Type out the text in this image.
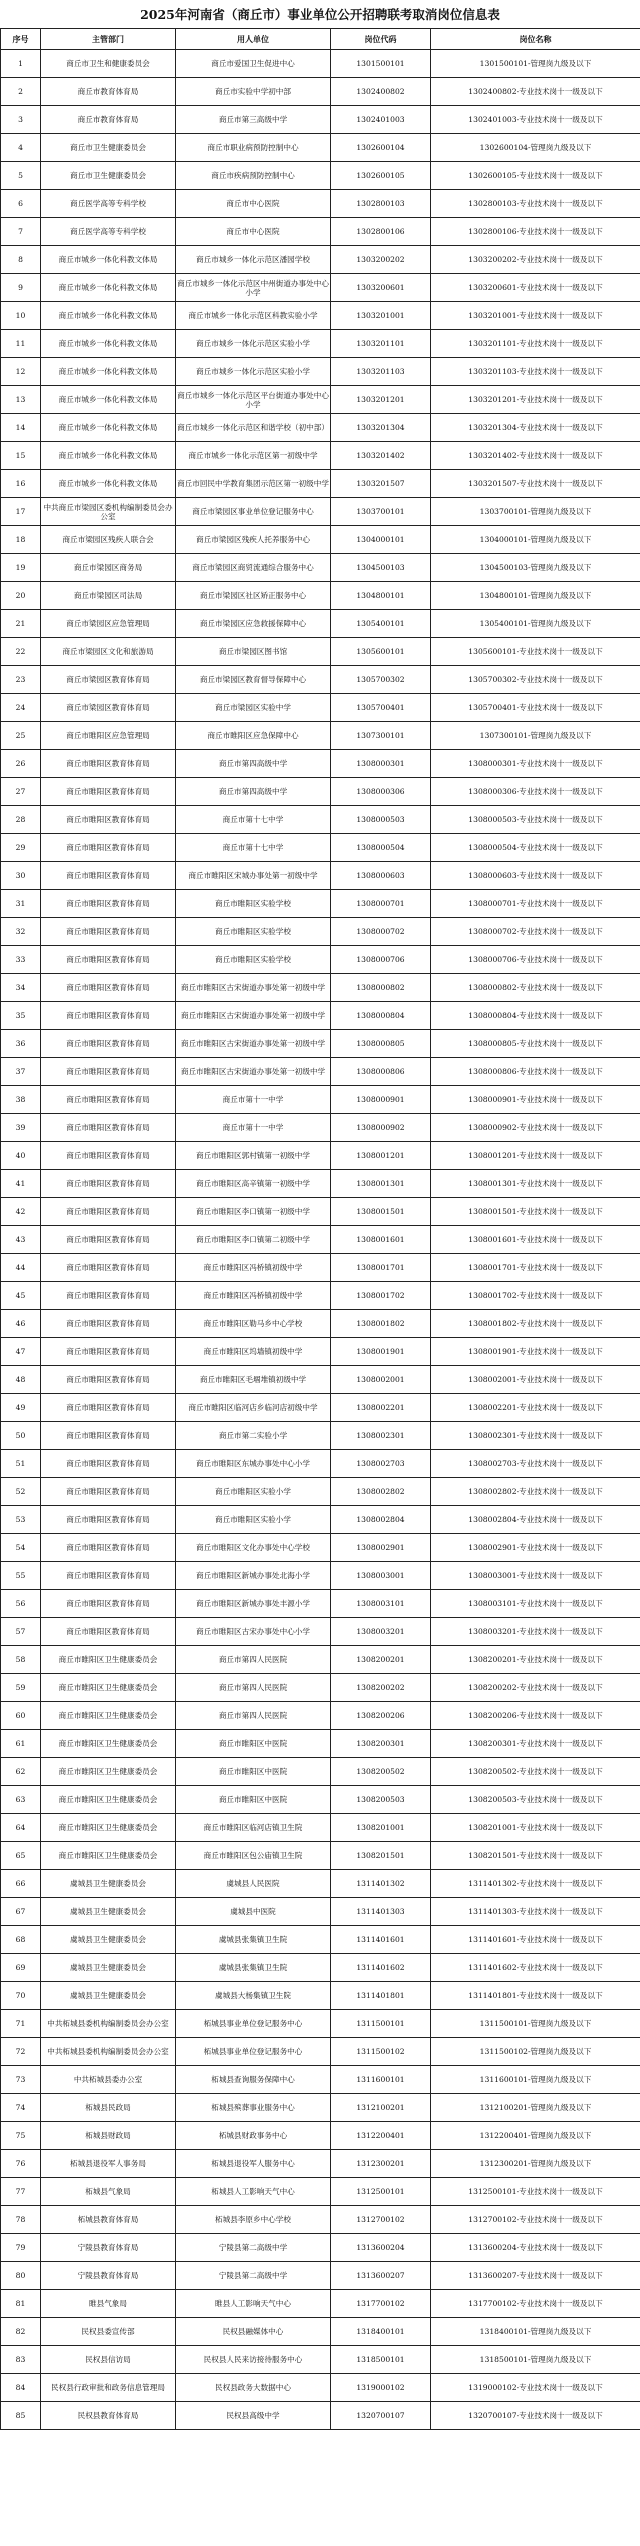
2025年河南省（商丘市）事业单位公开招聘联考取消岗位信息表
序号	主管部门	用人单位	岗位代码	岗位名称
1	商丘市卫生和健康委员会	商丘市爱国卫生促进中心	1301500101	1301500101-管理岗九级及以下
2	商丘市教育体育局	商丘市实验中学初中部	1302400802	1302400802-专业技术岗十一级及以下
3	商丘市教育体育局	商丘市第三高级中学	1302401003	1302401003-专业技术岗十一级及以下
4	商丘市卫生健康委员会	商丘市职业病预防控制中心	1302600104	1302600104-管理岗九级及以下
5	商丘市卫生健康委员会	商丘市疾病预防控制中心	1302600105	1302600105-专业技术岗十一级及以下
6	商丘医学高等专科学校	商丘市中心医院	1302800103	1302800103-专业技术岗十一级及以下
7	商丘医学高等专科学校	商丘市中心医院	1302800106	1302800106-专业技术岗十一级及以下
8	商丘市城乡一体化科教文体局	商丘市城乡一体化示范区潘园学校	1303200202	1303200202-专业技术岗十一级及以下
9	商丘市城乡一体化科教文体局	商丘市城乡一体化示范区中州街道办事处中心小学	1303200601	1303200601-专业技术岗十一级及以下
10	商丘市城乡一体化科教文体局	商丘市城乡一体化示范区科教实验小学	1303201001	1303201001-专业技术岗十一级及以下
11	商丘市城乡一体化科教文体局	商丘市城乡一体化示范区实验小学	1303201101	1303201101-专业技术岗十一级及以下
12	商丘市城乡一体化科教文体局	商丘市城乡一体化示范区实验小学	1303201103	1303201103-专业技术岗十一级及以下
13	商丘市城乡一体化科教文体局	商丘市城乡一体化示范区平台街道办事处中心小学	1303201201	1303201201-专业技术岗十一级及以下
14	商丘市城乡一体化科教文体局	商丘市城乡一体化示范区和谐学校（初中部）	1303201304	1303201304-专业技术岗十一级及以下
15	商丘市城乡一体化科教文体局	商丘市城乡一体化示范区第一初级中学	1303201402	1303201402-专业技术岗十一级及以下
16	商丘市城乡一体化科教文体局	商丘市回民中学教育集团示范区第一初级中学	1303201507	1303201507-专业技术岗十一级及以下
17	中共商丘市梁园区委机构编制委员会办公室	商丘市梁园区事业单位登记服务中心	1303700101	1303700101-管理岗九级及以下
18	商丘市梁园区残疾人联合会	商丘市梁园区残疾人托养服务中心	1304000101	1304000101-管理岗九级及以下
19	商丘市梁园区商务局	商丘市梁园区商贸流通综合服务中心	1304500103	1304500103-管理岗九级及以下
20	商丘市梁园区司法局	商丘市梁园区社区矫正服务中心	1304800101	1304800101-管理岗九级及以下
21	商丘市梁园区应急管理局	商丘市梁园区应急救援保障中心	1305400101	1305400101-管理岗九级及以下
22	商丘市梁园区文化和旅游局	商丘市梁园区图书馆	1305600101	1305600101-专业技术岗十一级及以下
23	商丘市梁园区教育体育局	商丘市梁园区教育督导保障中心	1305700302	1305700302-专业技术岗十一级及以下
24	商丘市梁园区教育体育局	商丘市梁园区实验中学	1305700401	1305700401-专业技术岗十一级及以下
25	商丘市睢阳区应急管理局	商丘市睢阳区应急保障中心	1307300101	1307300101-管理岗九级及以下
26	商丘市睢阳区教育体育局	商丘市第四高级中学	1308000301	1308000301-专业技术岗十一级及以下
27	商丘市睢阳区教育体育局	商丘市第四高级中学	1308000306	1308000306-专业技术岗十一级及以下
28	商丘市睢阳区教育体育局	商丘市第十七中学	1308000503	1308000503-专业技术岗十一级及以下
29	商丘市睢阳区教育体育局	商丘市第十七中学	1308000504	1308000504-专业技术岗十一级及以下
30	商丘市睢阳区教育体育局	商丘市睢阳区宋城办事处第一初级中学	1308000603	1308000603-专业技术岗十一级及以下
31	商丘市睢阳区教育体育局	商丘市睢阳区实验学校	1308000701	1308000701-专业技术岗十一级及以下
32	商丘市睢阳区教育体育局	商丘市睢阳区实验学校	1308000702	1308000702-专业技术岗十一级及以下
33	商丘市睢阳区教育体育局	商丘市睢阳区实验学校	1308000706	1308000706-专业技术岗十一级及以下
34	商丘市睢阳区教育体育局	商丘市睢阳区古宋街道办事处第一初级中学	1308000802	1308000802-专业技术岗十一级及以下
35	商丘市睢阳区教育体育局	商丘市睢阳区古宋街道办事处第一初级中学	1308000804	1308000804-专业技术岗十一级及以下
36	商丘市睢阳区教育体育局	商丘市睢阳区古宋街道办事处第一初级中学	1308000805	1308000805-专业技术岗十一级及以下
37	商丘市睢阳区教育体育局	商丘市睢阳区古宋街道办事处第一初级中学	1308000806	1308000806-专业技术岗十一级及以下
38	商丘市睢阳区教育体育局	商丘市第十一中学	1308000901	1308000901-专业技术岗十一级及以下
39	商丘市睢阳区教育体育局	商丘市第十一中学	1308000902	1308000902-专业技术岗十一级及以下
40	商丘市睢阳区教育体育局	商丘市睢阳区郭村镇第一初级中学	1308001201	1308001201-专业技术岗十一级及以下
41	商丘市睢阳区教育体育局	商丘市睢阳区高辛镇第一初级中学	1308001301	1308001301-专业技术岗十一级及以下
42	商丘市睢阳区教育体育局	商丘市睢阳区李口镇第一初级中学	1308001501	1308001501-专业技术岗十一级及以下
43	商丘市睢阳区教育体育局	商丘市睢阳区李口镇第二初级中学	1308001601	1308001601-专业技术岗十一级及以下
44	商丘市睢阳区教育体育局	商丘市睢阳区冯桥镇初级中学	1308001701	1308001701-专业技术岗十一级及以下
45	商丘市睢阳区教育体育局	商丘市睢阳区冯桥镇初级中学	1308001702	1308001702-专业技术岗十一级及以下
46	商丘市睢阳区教育体育局	商丘市睢阳区勒马乡中心学校	1308001802	1308001802-专业技术岗十一级及以下
47	商丘市睢阳区教育体育局	商丘市睢阳区坞墙镇初级中学	1308001901	1308001901-专业技术岗十一级及以下
48	商丘市睢阳区教育体育局	商丘市睢阳区毛堌堆镇初级中学	1308002001	1308002001-专业技术岗十一级及以下
49	商丘市睢阳区教育体育局	商丘市睢阳区临河店乡临河店初级中学	1308002201	1308002201-专业技术岗十一级及以下
50	商丘市睢阳区教育体育局	商丘市第二实验小学	1308002301	1308002301-专业技术岗十一级及以下
51	商丘市睢阳区教育体育局	商丘市睢阳区东城办事处中心小学	1308002703	1308002703-专业技术岗十一级及以下
52	商丘市睢阳区教育体育局	商丘市睢阳区实验小学	1308002802	1308002802-专业技术岗十一级及以下
53	商丘市睢阳区教育体育局	商丘市睢阳区实验小学	1308002804	1308002804-专业技术岗十一级及以下
54	商丘市睢阳区教育体育局	商丘市睢阳区文化办事处中心学校	1308002901	1308002901-专业技术岗十一级及以下
55	商丘市睢阳区教育体育局	商丘市睢阳区新城办事处北海小学	1308003001	1308003001-专业技术岗十一级及以下
56	商丘市睢阳区教育体育局	商丘市睢阳区新城办事处丰源小学	1308003101	1308003101-专业技术岗十一级及以下
57	商丘市睢阳区教育体育局	商丘市睢阳区古宋办事处中心小学	1308003201	1308003201-专业技术岗十一级及以下
58	商丘市睢阳区卫生健康委员会	商丘市第四人民医院	1308200201	1308200201-专业技术岗十一级及以下
59	商丘市睢阳区卫生健康委员会	商丘市第四人民医院	1308200202	1308200202-专业技术岗十一级及以下
60	商丘市睢阳区卫生健康委员会	商丘市第四人民医院	1308200206	1308200206-专业技术岗十一级及以下
61	商丘市睢阳区卫生健康委员会	商丘市睢阳区中医院	1308200301	1308200301-专业技术岗十一级及以下
62	商丘市睢阳区卫生健康委员会	商丘市睢阳区中医院	1308200502	1308200502-专业技术岗十一级及以下
63	商丘市睢阳区卫生健康委员会	商丘市睢阳区中医院	1308200503	1308200503-专业技术岗十一级及以下
64	商丘市睢阳区卫生健康委员会	商丘市睢阳区临河店镇卫生院	1308201001	1308201001-专业技术岗十一级及以下
65	商丘市睢阳区卫生健康委员会	商丘市睢阳区包公庙镇卫生院	1308201501	1308201501-专业技术岗十一级及以下
66	虞城县卫生健康委员会	虞城县人民医院	1311401302	1311401302-专业技术岗十一级及以下
67	虞城县卫生健康委员会	虞城县中医院	1311401303	1311401303-专业技术岗十一级及以下
68	虞城县卫生健康委员会	虞城县张集镇卫生院	1311401601	1311401601-专业技术岗十一级及以下
69	虞城县卫生健康委员会	虞城县张集镇卫生院	1311401602	1311401602-专业技术岗十一级及以下
70	虞城县卫生健康委员会	虞城县大杨集镇卫生院	1311401801	1311401801-专业技术岗十一级及以下
71	中共柘城县委机构编制委员会办公室	柘城县事业单位登记服务中心	1311500101	1311500101-管理岗九级及以下
72	中共柘城县委机构编制委员会办公室	柘城县事业单位登记服务中心	1311500102	1311500102-管理岗九级及以下
73	中共柘城县委办公室	柘城县查询服务保障中心	1311600101	1311600101-管理岗九级及以下
74	柘城县民政局	柘城县殡葬事业服务中心	1312100201	1312100201-管理岗九级及以下
75	柘城县财政局	柘城县财政事务中心	1312200401	1312200401-管理岗九级及以下
76	柘城县退役军人事务局	柘城县退役军人服务中心	1312300201	1312300201-管理岗九级及以下
77	柘城县气象局	柘城县人工影响天气中心	1312500101	1312500101-专业技术岗十一级及以下
78	柘城县教育体育局	柘城县李原乡中心学校	1312700102	1312700102-专业技术岗十一级及以下
79	宁陵县教育体育局	宁陵县第二高级中学	1313600204	1313600204-专业技术岗十一级及以下
80	宁陵县教育体育局	宁陵县第二高级中学	1313600207	1313600207-专业技术岗十一级及以下
81	睢县气象局	睢县人工影响天气中心	1317700102	1317700102-专业技术岗十一级及以下
82	民权县委宣传部	民权县融媒体中心	1318400101	1318400101-管理岗九级及以下
83	民权县信访局	民权县人民来访接待服务中心	1318500101	1318500101-管理岗九级及以下
84	民权县行政审批和政务信息管理局	民权县政务大数据中心	1319000102	1319000102-专业技术岗十一级及以下
85	民权县教育体育局	民权县高级中学	1320700107	1320700107-专业技术岗十一级及以下
